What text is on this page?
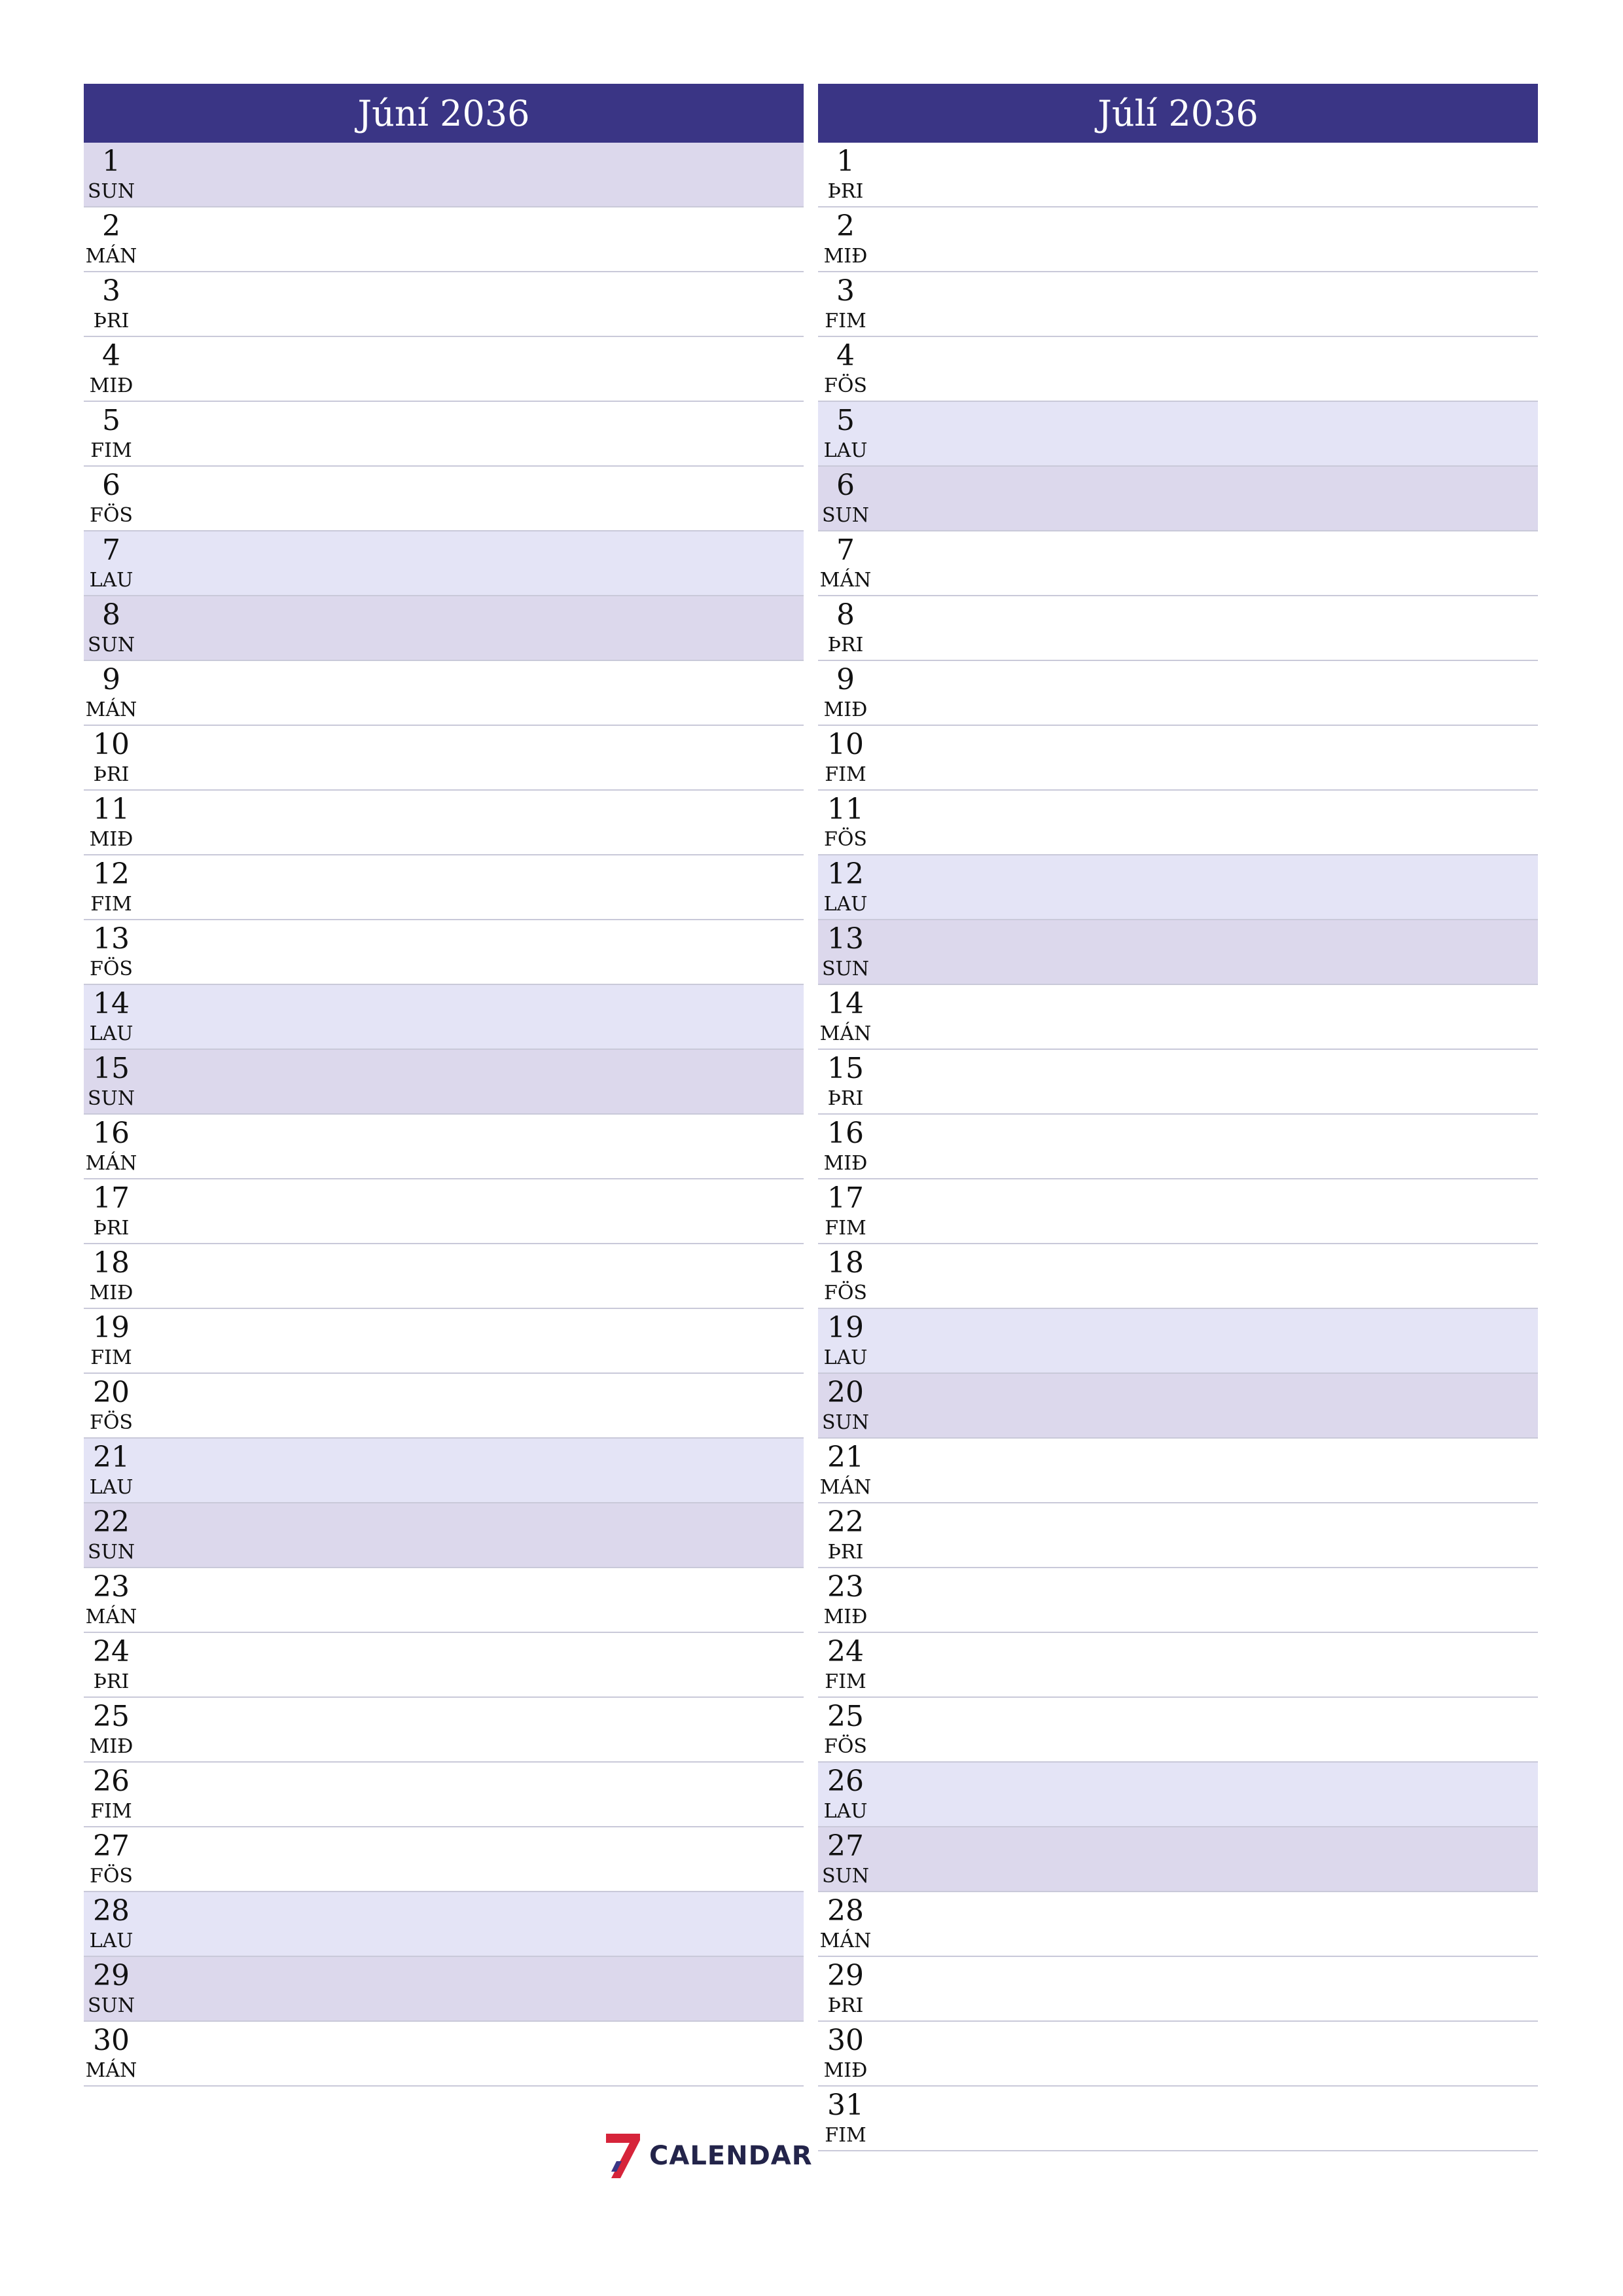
Júní 2036
1
SUN
2
MÁN
3
ÞRI
4
MIÐ
5
FIM
6
FÖS
7
LAU
8
SUN
9
MÁN
10
ÞRI
11
MIÐ
12
FIM
13
FÖS
14
LAU
15
SUN
16
MÁN
17
ÞRI
18
MIÐ
19
FIM
20
FÖS
21
LAU
22
SUN
23
MÁN
24
ÞRI
25
MIÐ
26
FIM
27
FÖS
28
LAU
29
SUN
30
MÁN
Júlí 2036
1
ÞRI
2
MIÐ
3
FIM
4
FÖS
5
LAU
6
SUN
7
MÁN
8
ÞRI
9
MIÐ
10
FIM
11
FÖS
12
LAU
13
SUN
14
MÁN
15
ÞRI
16
MIÐ
17
FIM
18
FÖS
19
LAU
20
SUN
21
MÁN
22
ÞRI
23
MIÐ
24
FIM
25
FÖS
26
LAU
27
SUN
28
MÁN
29
ÞRI
30
MIÐ
31
FIM
CALENDAR
